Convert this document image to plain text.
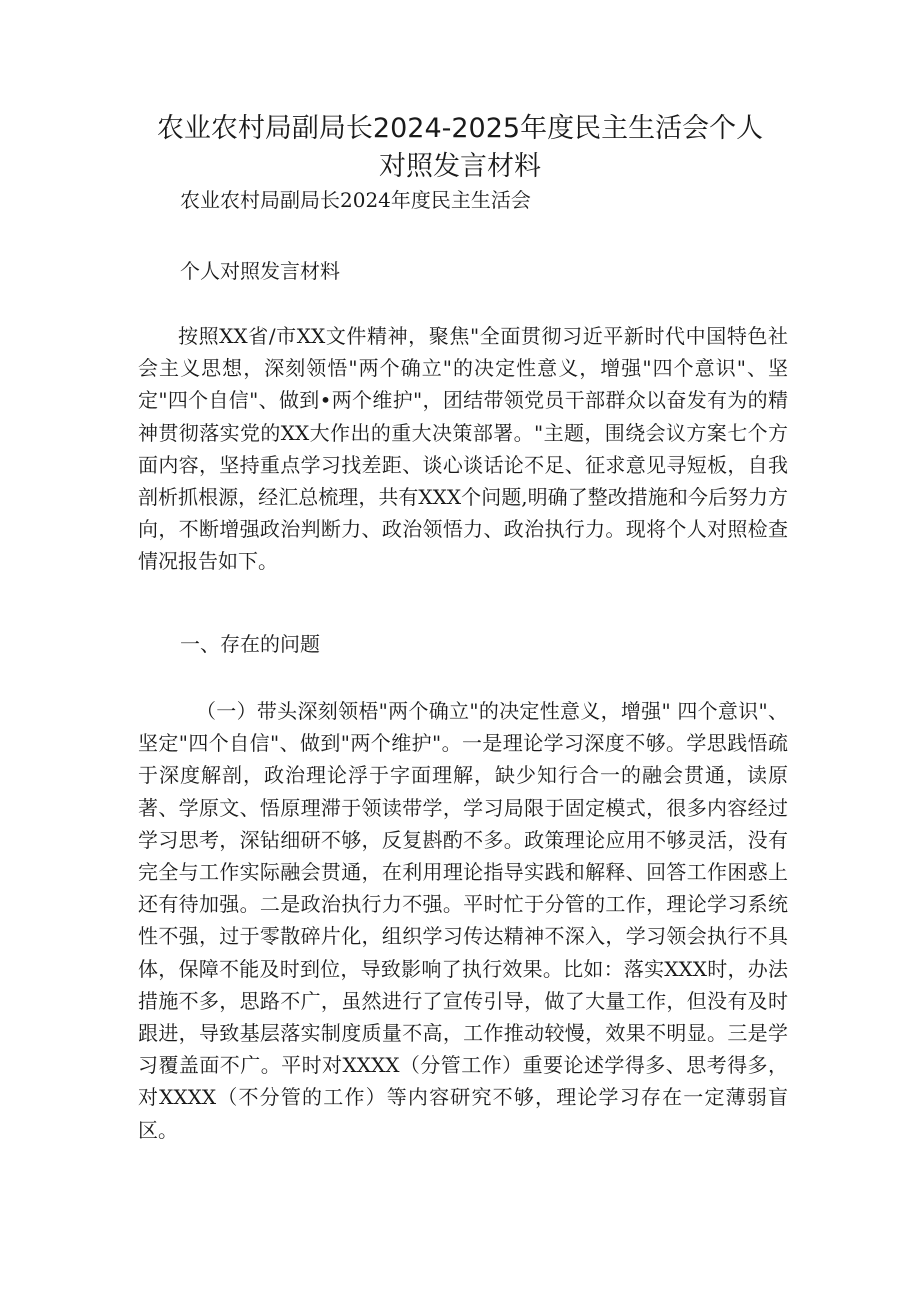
农业农村局副局长2024-2025年度民主生活会个人对照发言材料

农业农村局副局长2024年度民主生活会

个人对照发言材料

按照XX省/市XX文件精神，聚焦"全面贯彻习近平新时代中国特色社会主义思想，深刻领悟"两个确立"的决定性意义，增强"四个意识"、坚定"四个自信"、做到•两个维护"，团结带领党员干部群众以奋发有为的精神贯彻落实党的XX大作出的重大决策部署。"主题，围绕会议方案七个方面内容，坚持重点学习找差距、谈心谈话论不足、征求意见寻短板，自我剖析抓根源，经汇总梳理，共有XXX个问题,明确了整改措施和今后努力方向，不断增强政治判断力、政治领悟力、政治执行力。现将个人对照检查情况报告如下。

一、存在的问题

（一）带头深刻领梧"两个确立"的决定性意义，增强" 四个意识"、坚定"四个自信"、做到"两个维护"。一是理论学习深度不够。学思践悟疏于深度解剖，政治理论浮于字面理解，缺少知行合一的融会贯通，读原著、学原文、悟原理滞于领读带学，学习局限于固定模式，很多内容经过学习思考，深钻细研不够，反复斟酌不多。政策理论应用不够灵活，没有完全与工作实际融会贯通，在利用理论指导实践和解释、回答工作困惑上还有待加强。二是政治执行力不强。平时忙于分管的工作，理论学习系统性不强，过于零散碎片化，组织学习传达精神不深入，学习领会执行不具体，保障不能及时到位，导致影响了执行效果。比如：落实XXX时，办法措施不多，思路不广，虽然进行了宣传引导，做了大量工作，但没有及时跟进，导致基层落实制度质量不高，工作推动较慢，效果不明显。三是学习覆盖面不广。平时对XXXX（分管工作）重要论述学得多、思考得多，对XXXX（不分管的工作）等内容研究不够，理论学习存在一定薄弱盲区。
